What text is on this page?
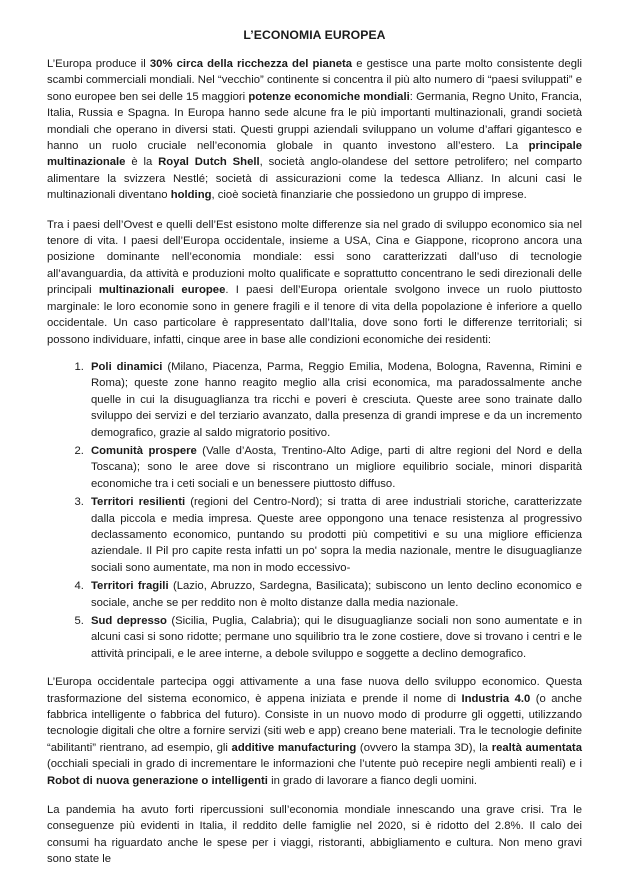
L’ECONOMIA EUROPEA

L’Europa produce il 30% circa della ricchezza del pianeta e gestisce una parte molto consistente degli scambi commerciali mondiali. Nel “vecchio” continente si concentra il più alto numero di “paesi sviluppati” e sono europee ben sei delle 15 maggiori potenze economiche mondiali: Germania, Regno Unito, Francia, Italia, Russia e Spagna. In Europa hanno sede alcune fra le più importanti multinazionali, grandi società mondiali che operano in diversi stati. Questi gruppi aziendali sviluppano un volume d’affari gigantesco e hanno un ruolo cruciale nell’economia globale in quanto investono all’estero. La principale multinazionale è la Royal Dutch Shell, società anglo-olandese del settore petrolifero; nel comparto alimentare la svizzera Nestlé; società di assicurazioni come la tedesca Allianz. In alcuni casi le multinazionali diventano holding, cioè società finanziarie che possiedono un gruppo di imprese.

Tra i paesi dell’Ovest e quelli dell’Est esistono molte differenze sia nel grado di sviluppo economico sia nel tenore di vita. I paesi dell’Europa occidentale, insieme a USA, Cina e Giappone, ricoprono ancora una posizione dominante nell’economia mondiale: essi sono caratterizzati dall’uso di tecnologie all’avanguardia, da attività e produzioni molto qualificate e soprattutto concentrano le sedi direzionali delle principali multinazionali europee. I paesi dell’Europa orientale svolgono invece un ruolo piuttosto marginale: le loro economie sono in genere fragili e il tenore di vita della popolazione è inferiore a quello occidentale. Un caso particolare è rappresentato dall’Italia, dove sono forti le differenze territoriali; si possono individuare, infatti, cinque aree in base alle condizioni economiche dei residenti:

1. Poli dinamici (Milano, Piacenza, Parma, Reggio Emilia, Modena, Bologna, Ravenna, Rimini e Roma); queste zone hanno reagito meglio alla crisi economica, ma paradossalmente anche quelle in cui la disuguaglianza tra ricchi e poveri è cresciuta. Queste aree sono trainate dallo sviluppo dei servizi e del terziario avanzato, dalla presenza di grandi imprese e da un incremento demografico, grazie al saldo migratorio positivo.
2. Comunità prospere (Valle d’Aosta, Trentino-Alto Adige, parti di altre regioni del Nord e della Toscana); sono le aree dove si riscontrano un migliore equilibrio sociale, minori disparità economiche tra i ceti sociali e un benessere piuttosto diffuso.
3. Territori resilienti (regioni del Centro-Nord); si tratta di aree industriali storiche, caratterizzate dalla piccola e media impresa. Queste aree oppongono una tenace resistenza al progressivo declassamento economico, puntando su prodotti più competitivi e su una migliore efficienza aziendale. Il Pil pro capite resta infatti un po' sopra la media nazionale, mentre le disuguaglianze sociali sono aumentate, ma non in modo eccessivo-
4. Territori fragili (Lazio, Abruzzo, Sardegna, Basilicata); subiscono un lento declino economico e sociale, anche se per reddito non è molto distanze dalla media nazionale.
5. Sud depresso (Sicilia, Puglia, Calabria); qui le disuguaglianze sociali non sono aumentate e in alcuni casi si sono ridotte; permane uno squilibrio tra le zone costiere, dove si trovano i centri e le attività principali, e le aree interne, a debole sviluppo e soggette a declino demografico.

L’Europa occidentale partecipa oggi attivamente a una fase nuova dello sviluppo economico. Questa trasformazione del sistema economico, è appena iniziata e prende il nome di Industria 4.0 (o anche fabbrica intelligente o fabbrica del futuro). Consiste in un nuovo modo di produrre gli oggetti, utilizzando tecnologie digitali che oltre a fornire servizi (siti web e app) creano bene materiali. Tra le tecnologie definite “abilitanti” rientrano, ad esempio, gli additive manufacturing (ovvero la stampa 3D), la realtà aumentata (occhiali speciali in grado di incrementare le informazioni che l’utente può recepire negli ambienti reali) e i Robot di nuova generazione o intelligenti in grado di lavorare a fianco degli uomini.

La pandemia ha avuto forti ripercussioni sull’economia mondiale innescando una grave crisi. Tra le conseguenze più evidenti in Italia, il reddito delle famiglie nel 2020, si è ridotto del 2.8%. Il calo dei consumi ha riguardato anche le spese per i viaggi, ristoranti, abbigliamento e cultura. Non meno gravi sono state le
